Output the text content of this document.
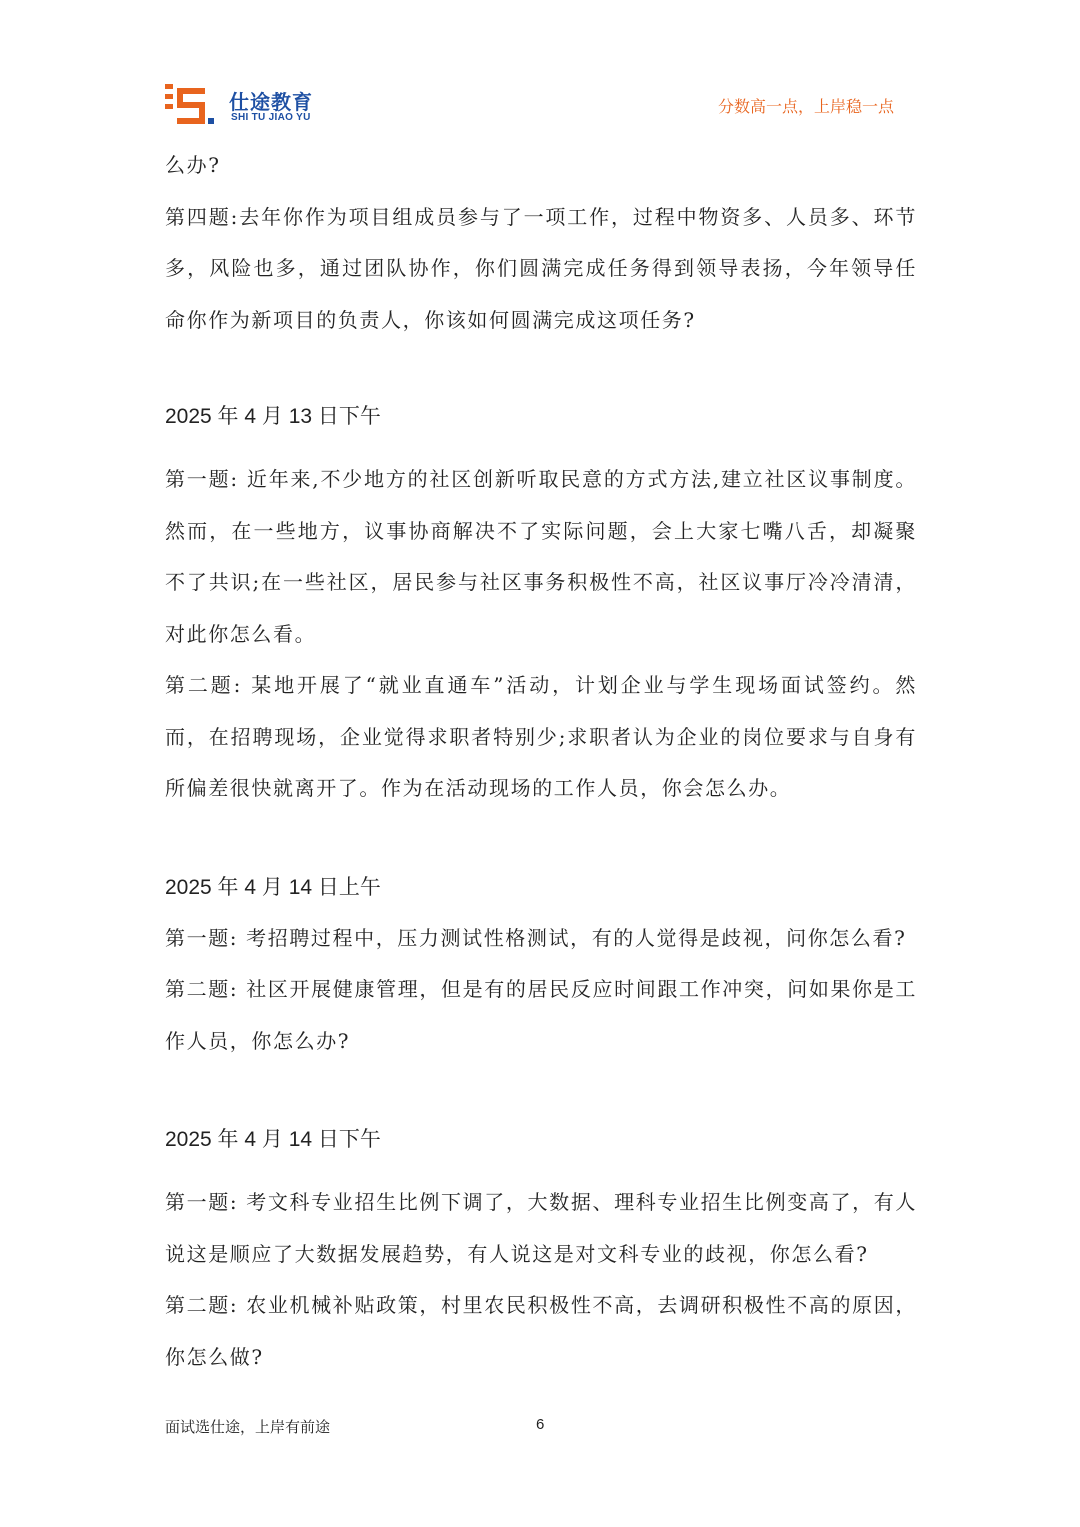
仕途教育
SHI TU JIAO YU
分数高一点，上岸稳一点

么办?

第四题:去年你作为项目组成员参与了一项工作，过程中物资多、人员多、环节多，风险也多，通过团队协作，你们圆满完成任务得到领导表扬，今年领导任命你作为新项目的负责人，你该如何圆满完成这项任务?

2025 年 4 月 13 日下午

第一题: 近年来,不少地方的社区创新听取民意的方式方法,建立社区议事制度。然而，在一些地方，议事协商解决不了实际问题，会上大家七嘴八舌，却凝聚不了共识;在一些社区，居民参与社区事务积极性不高，社区议事厅冷冷清清，对此你怎么看。

第二题: 某地开展了“就业直通车”活动，计划企业与学生现场面试签约。然而，在招聘现场，企业觉得求职者特别少;求职者认为企业的岗位要求与自身有所偏差很快就离开了。作为在活动现场的工作人员，你会怎么办。

2025 年 4 月 14 日上午

第一题: 考招聘过程中，压力测试性格测试，有的人觉得是歧视，问你怎么看?

第二题: 社区开展健康管理，但是有的居民反应时间跟工作冲突，问如果你是工作人员，你怎么办?

2025 年 4 月 14 日下午

第一题: 考文科专业招生比例下调了，大数据、理科专业招生比例变高了，有人说这是顺应了大数据发展趋势，有人说这是对文科专业的歧视，你怎么看?

第二题: 农业机械补贴政策，村里农民积极性不高，去调研积极性不高的原因，你怎么做?

面试选仕途，上岸有前途	6
